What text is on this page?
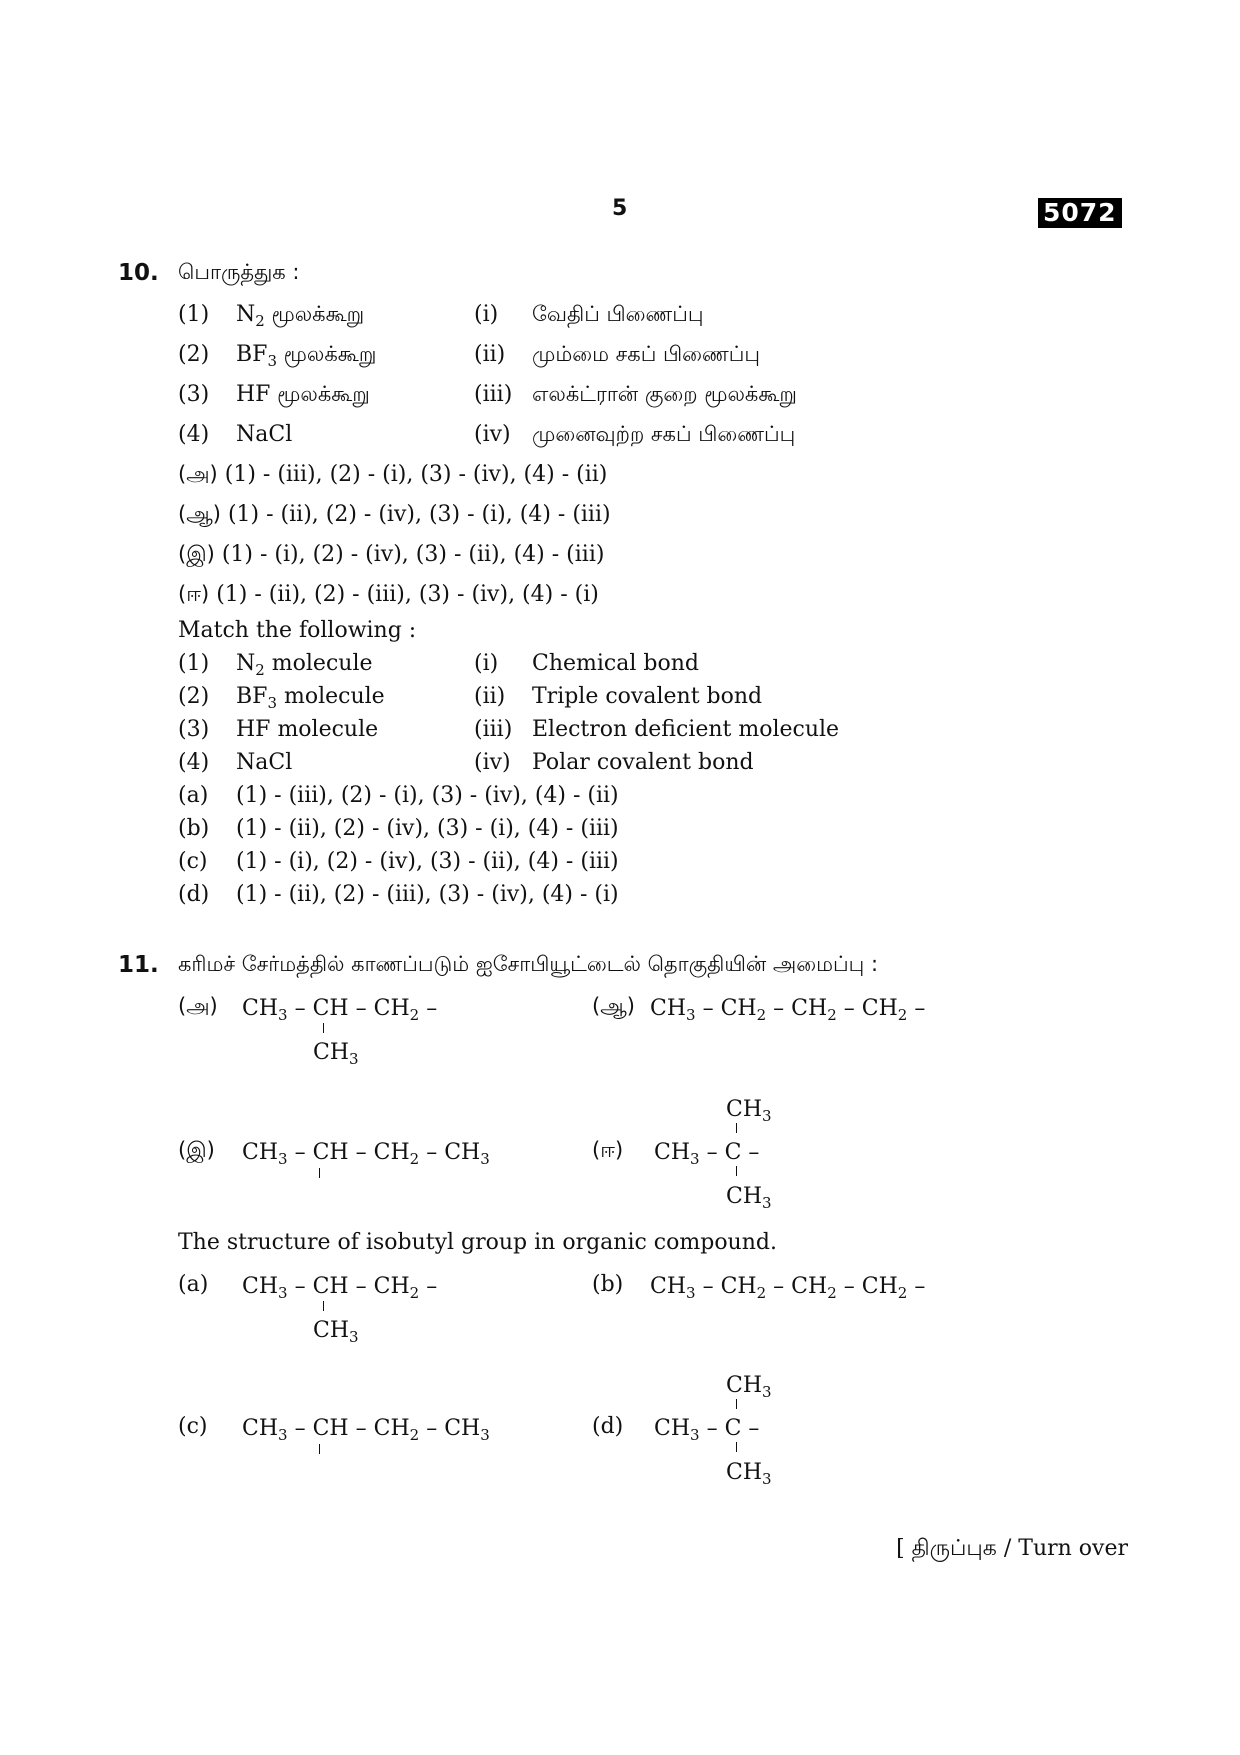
5	5072
10. பொருத்துக :
(1) $N_2$ மூலக்கூறு	(i) வேதிப் பிணைப்பு
(2) $BF_3$ மூலக்கூறு	(ii) மும்மை சகப் பிணைப்பு
(3) HF மூலக்கூறு	(iii) எலக்ட்ரான் குறை மூலக்கூறு
(4) NaCl	(iv) முனைவுற்ற சகப் பிணைப்பு
(அ) (1) - (iii), (2) - (i), (3) - (iv), (4) - (ii)
(ஆ) (1) - (ii), (2) - (iv), (3) - (i), (4) - (iii)
(இ) (1) - (i), (2) - (iv), (3) - (ii), (4) - (iii)
(ஈ) (1) - (ii), (2) - (iii), (3) - (iv), (4) - (i)
Match the following :
(1) $N_2$ molecule	(i) Chemical bond
(2) $BF_3$ molecule	(ii) Triple covalent bond
(3) HF molecule	(iii) Electron deficient molecule
(4) NaCl	(iv) Polar covalent bond
(a) (1) - (iii), (2) - (i), (3) - (iv), (4) - (ii)
(b) (1) - (ii), (2) - (iv), (3) - (i), (4) - (iii)
(c) (1) - (i), (2) - (iv), (3) - (ii), (4) - (iii)
(d) (1) - (ii), (2) - (iii), (3) - (iv), (4) - (i)
11. கரிமச் சேர்மத்தில் காணப்படும் ஐசோபியூட்டைல் தொகுதியின் அமைப்பு :
(அ) $CH_3$ – CH – $CH_2$ –
$CH_3$
(ஆ) $CH_3 - CH_2 - CH_2 - CH_2$ –
(இ) $CH_3$ – CH – $CH_2 - CH_3$	(ஈ)
$CH_3$
$CH_3$ – C –
$CH_3$
The structure of isobutyl group in organic compound.
(a) $CH_3$ – CH – $CH_2$ –
$CH_3$
(b) $CH_3 - CH_2 - CH_2 - CH_2$ –
(c) $CH_3$ – CH – $CH_2 - CH_3$	(d)
$CH_3$
$CH_3$ – C –
$CH_3$
[ திருப்புக / Turn over
